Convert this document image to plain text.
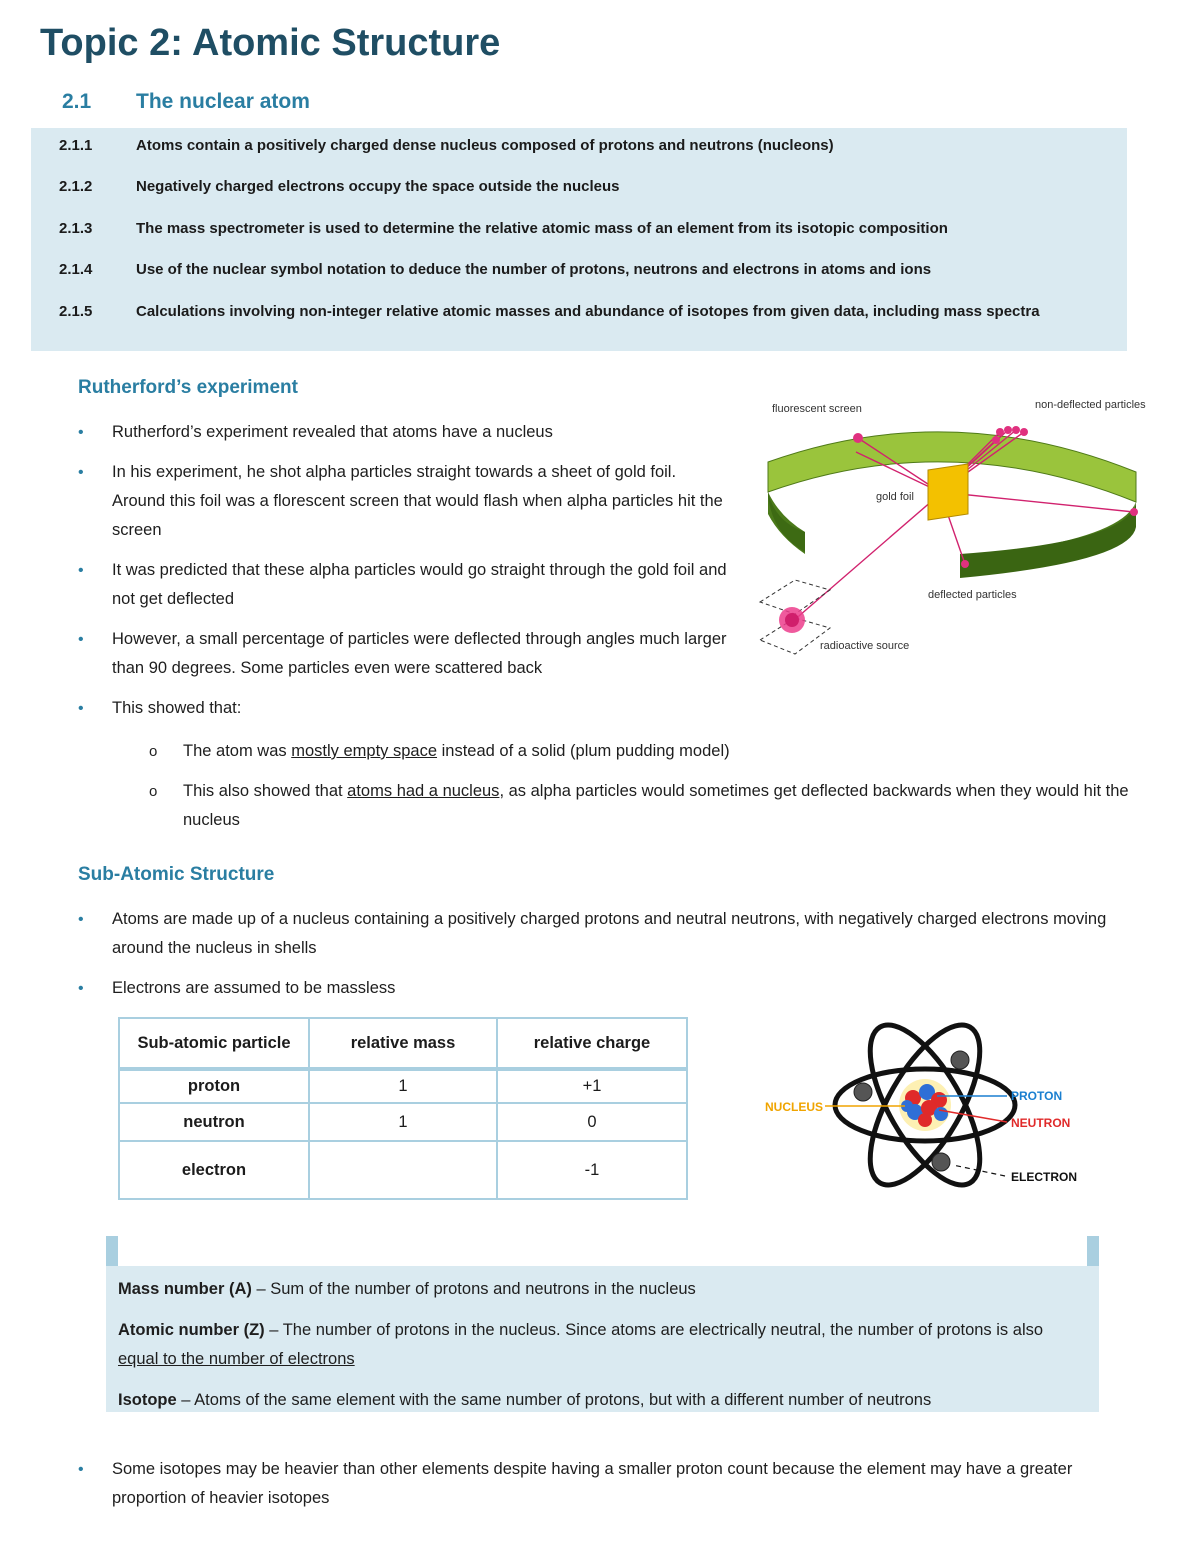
Topic 2: Atomic Structure
2.1 The nuclear atom
2.1.1	Atoms contain a positively charged dense nucleus composed of protons and neutrons (nucleons)
2.1.2	Negatively charged electrons occupy the space outside the nucleus
2.1.3	The mass spectrometer is used to determine the relative atomic mass of an element from its isotopic composition
2.1.4	Use of the nuclear symbol notation to deduce the number of protons, neutrons and electrons in atoms and ions
2.1.5	Calculations involving non-integer relative atomic masses and abundance of isotopes from given data, including mass spectra
Rutherford’s experiment
• Rutherford’s experiment revealed that atoms have a nucleus
• In his experiment, he shot alpha particles straight towards a sheet of gold foil. Around this foil was a florescent screen that would flash when alpha particles hit the screen
• It was predicted that these alpha particles would go straight through the gold foil and not get deflected
• However, a small percentage of particles were deflected through angles much larger than 90 degrees. Some particles even were scattered back
• This showed that:
o The atom was mostly empty space instead of a solid (plum pudding model)
o This also showed that atoms had a nucleus, as alpha particles would sometimes get deflected backwards when they would hit the nucleus
fluorescent screen	non-deflected particles
gold foil
deflected particles
radioactive source
Sub-Atomic Structure
• Atoms are made up of a nucleus containing a positively charged protons and neutral neutrons, with negatively charged electrons moving around the nucleus in shells
• Electrons are assumed to be massless
Sub-atomic particle	relative mass	relative charge
proton	1	+1
neutron	1	0
electron		-1
NUCLEUS
PROTON
NEUTRON
ELECTRON
Mass number (A) – Sum of the number of protons and neutrons in the nucleus
Atomic number (Z) – The number of protons in the nucleus. Since atoms are electrically neutral, the number of protons is also equal to the number of electrons
Isotope – Atoms of the same element with the same number of protons, but with a different number of neutrons
• Some isotopes may be heavier than other elements despite having a smaller proton count because the element may have a greater proportion of heavier isotopes
